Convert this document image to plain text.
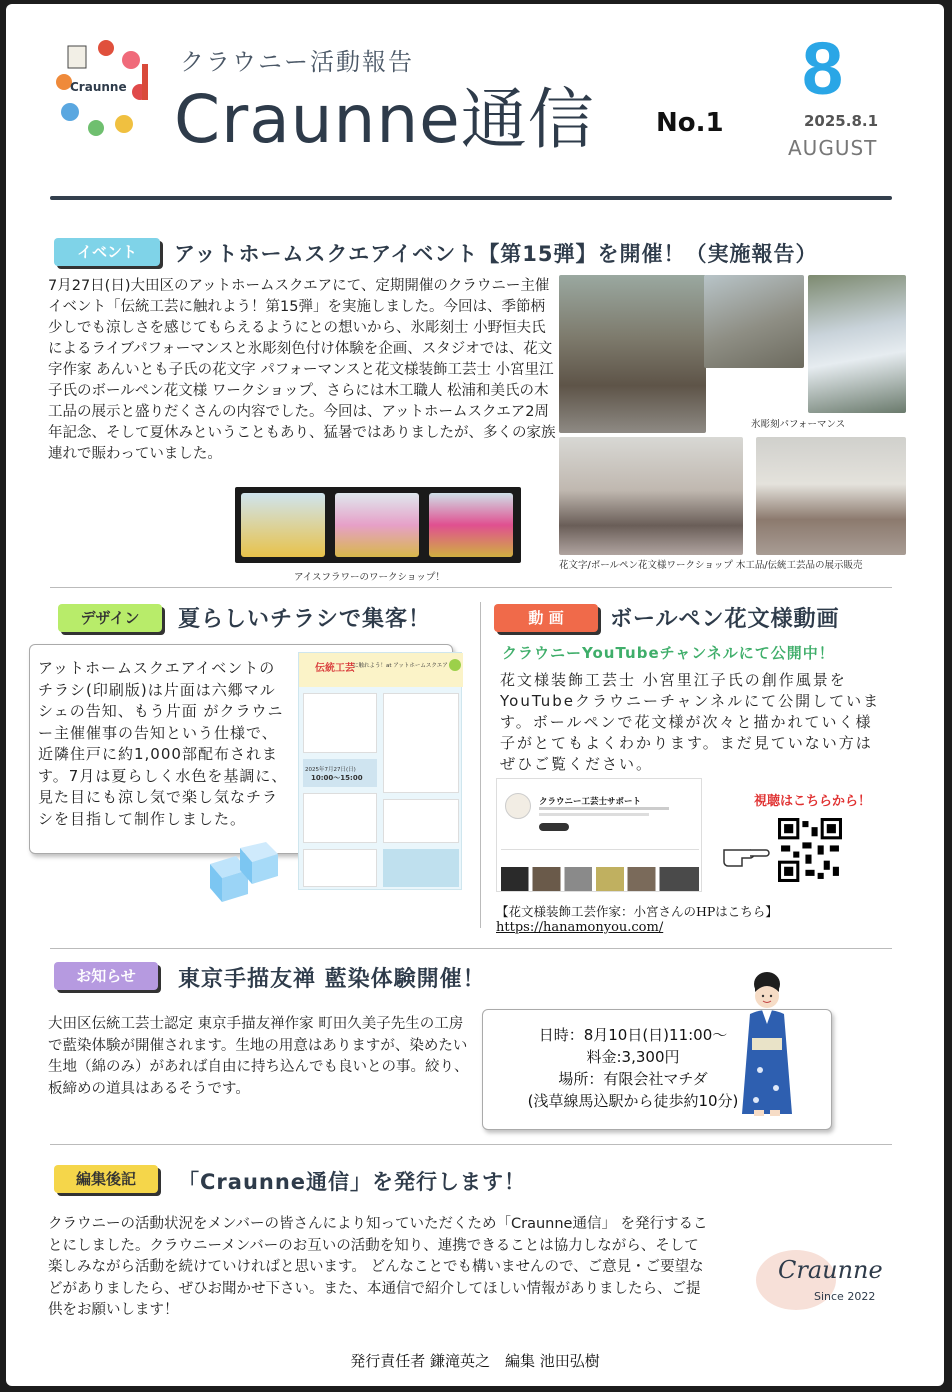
Craunne
クラウニー活動報告
Craunne通信 No.1
8
2025.8.1
AUGUST
イベント	アットホームスクエアイベント【第15弾】を開催！（実施報告）
7月27日(日)大田区のアットホームスクエアにて、定期開催のクラウニー主催イベント「伝統工芸に触れよう！第15弾」を実施しました。今回は、季節柄少しでも涼しさを感じてもらえるようにとの想いから、氷彫刻士 小野恒夫氏によるライブパフォーマンスと氷彫刻色付け体験を企画、スタジオでは、花文字作家 あんいとも子氏の花文字 パフォーマンスと花文様装飾工芸士 小宮里江子氏のボールペン花文様 ワークショップ、さらには木工職人 松浦和美氏の木工品の展示と盛りだくさんの内容でした。今回は、アットホームスクエア2周年記念、そして夏休みということもあり、猛暑ではありましたが、多くの家族 連れで賑わっていました。
氷彫刻パフォーマンス
アイスフラワーのワークショップ！
花文字/ボールペン花文様ワークショップ 木工品/伝統工芸品の展示販売
デザイン	夏らしいチラシで集客！
アットホームスクエアイベントのチラシ(印刷版)は片面は六郷マルシェの告知、もう片面 がクラウニー主催催事の告知という仕様で、近隣住戸に約1,000部配布されます。7月は夏らしく水色を基調に、見た目にも涼し気で楽し気なチラシを目指して制作しました。
伝統工芸
に触れよう！at アットホームスクエア
2025年7月27日(日)
10:00～15:00
動 画	ボールペン花文様動画
クラウニーYouTubeチャンネルにて公開中！
花文様装飾工芸士 小宮里江子氏の創作風景をYouTubeクラウニーチャンネルにて公開しています。ボールペンで花文様が次々と描かれていく様子がとてもよくわかります。まだ見ていない方はぜひご覧ください。
クラウニー工芸士サポート	視聴はこちらから！
【花文様装飾工芸作家：小宮さんのHPはこちら】
https://hanamonyou.com/
お知らせ	東京手描友禅 藍染体験開催！
大田区伝統工芸士認定 東京手描友禅作家 町田久美子先生の工房で藍染体験が開催されます。生地の用意はありますが、染めたい生地（綿のみ）があれば自由に持ち込んでも良いとの事。絞り、板締めの道具はあるそうです。
日時：8月10日(日)11:00～
料金:3,300円
場所：有限会社マチダ
(浅草線馬込駅から徒歩約10分)
編集後記	「Craunne通信」を発行します！
クラウニーの活動状況をメンバーの皆さんにより知っていただくため「Craunne通信」 を発行することにしました。クラウニーメンバーのお互いの活動を知り、連携できることは協力しながら、そして楽しみながら活動を続けていければと思います。 どんなことでも構いませんので、ご意見・ご要望などがありましたら、ぜひお聞かせ下さい。また、本通信で紹介してほしい情報がありましたら、ご提供をお願いします！
Craunne
Since 2022
発行責任者 鎌滝英之　編集 池田弘樹
